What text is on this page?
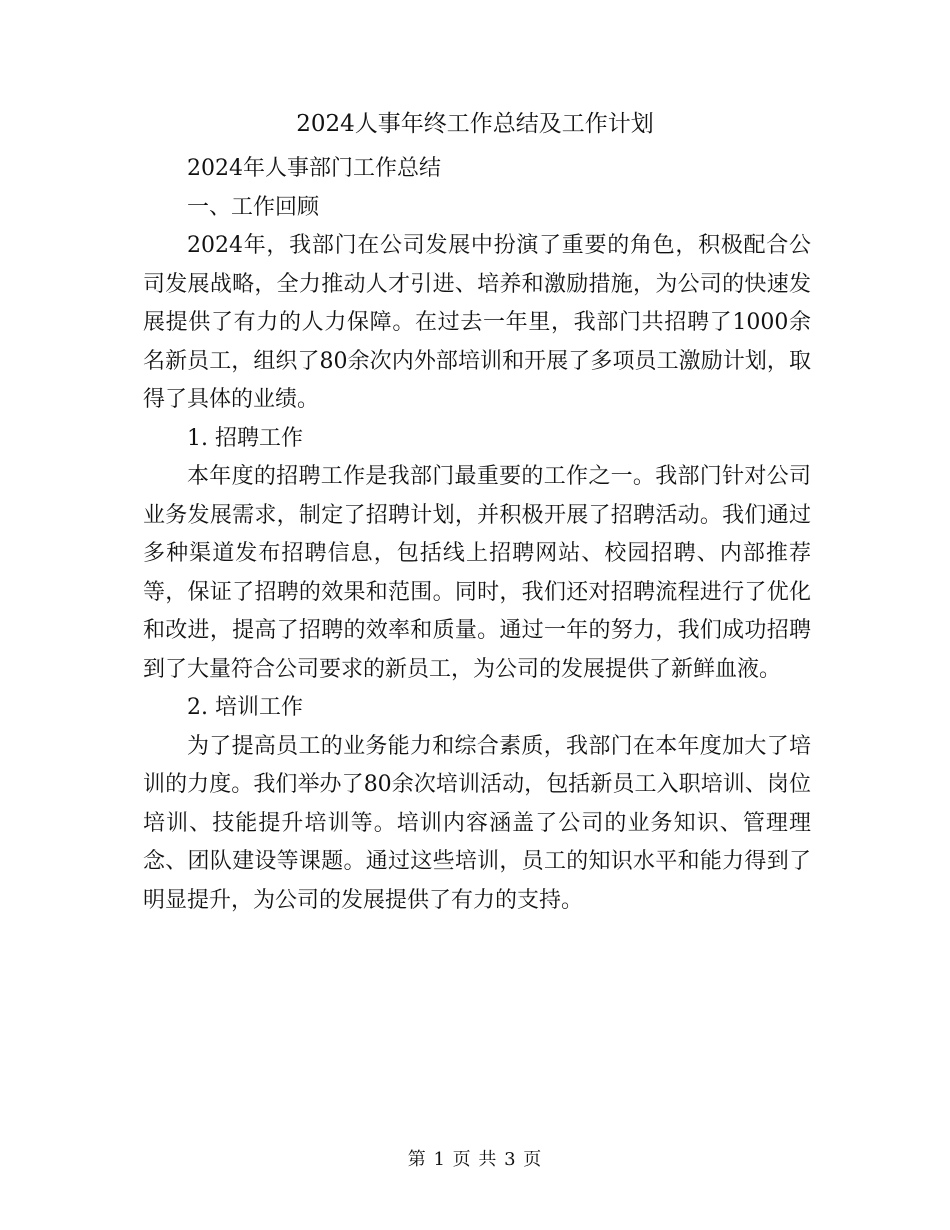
2024人事年终工作总结及工作计划

2024年人事部门工作总结

一、工作回顾

2024年，我部门在公司发展中扮演了重要的角色，积极配合公司发展战略，全力推动人才引进、培养和激励措施，为公司的快速发展提供了有力的人力保障。在过去一年里，我部门共招聘了1000余名新员工，组织了80余次内外部培训和开展了多项员工激励计划，取得了具体的业绩。

1. 招聘工作

本年度的招聘工作是我部门最重要的工作之一。我部门针对公司业务发展需求，制定了招聘计划，并积极开展了招聘活动。我们通过多种渠道发布招聘信息，包括线上招聘网站、校园招聘、内部推荐等，保证了招聘的效果和范围。同时，我们还对招聘流程进行了优化和改进，提高了招聘的效率和质量。通过一年的努力，我们成功招聘到了大量符合公司要求的新员工，为公司的发展提供了新鲜血液。

2. 培训工作

为了提高员工的业务能力和综合素质，我部门在本年度加大了培训的力度。我们举办了80余次培训活动，包括新员工入职培训、岗位培训、技能提升培训等。培训内容涵盖了公司的业务知识、管理理念、团队建设等课题。通过这些培训，员工的知识水平和能力得到了明显提升，为公司的发展提供了有力的支持。

第 1 页 共 3 页
